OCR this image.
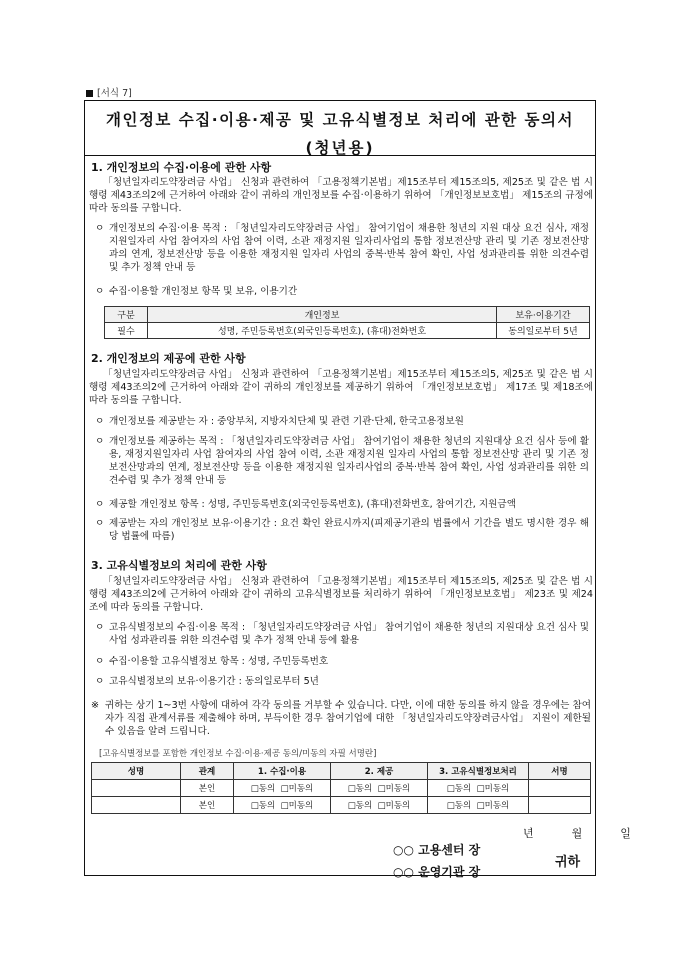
[서식 7]
개인정보 수집·이용·제공 및 고유식별정보 처리에 관한 동의서
(청년용)
1. 개인정보의 수집·이용에 관한 사항
「청년일자리도약장려금 사업」 신청과 관련하여 「고용정책기본법」제15조부터 제15조의5, 제25조 및 같은 법 시행령 제43조의2에 근거하여 아래와 같이 귀하의 개인정보를 수집·이용하기 위하여 「개인정보보호법」 제15조의 규정에 따라 동의를 구합니다.
ㅇ 개인정보의 수집·이용 목적 : 「청년일자리도약장려금 사업」 참여기업이 채용한 청년의 지원 대상 요건 심사, 재정지원일자리 사업 참여자의 사업 참여 이력, 소관 재정지원 일자리사업의 통합 정보전산망 관리 및 기존 정보전산망과의 연계, 정보전산망 등을 이용한 재정지원 일자리 사업의 중복·반복 참여 확인, 사업 성과관리를 위한 의견수렴 및 추가 정책 안내 등
ㅇ 수집·이용할 개인정보 항목 및 보유, 이용기간
구분	개인정보	보유·이용기간
필수	성명, 주민등록번호(외국인등록번호), (휴대)전화번호	동의일로부터 5년
2. 개인정보의 제공에 관한 사항
「청년일자리도약장려금 사업」 신청과 관련하여 「고용정책기본법」제15조부터 제15조의5, 제25조 및 같은 법 시행령 제43조의2에 근거하여 아래와 같이 귀하의 개인정보를 제공하기 위하여 「개인정보보호법」 제17조 및 제18조에 따라 동의를 구합니다.
ㅇ 개인정보를 제공받는 자 : 중앙부처, 지방자치단체 및 관련 기관·단체, 한국고용정보원
ㅇ 개인정보를 제공하는 목적 : 「청년일자리도약장려금 사업」 참여기업이 채용한 청년의 지원대상 요건 심사 등에 활용, 재정지원일자리 사업 참여자의 사업 참여 이력, 소관 재정지원 일자리 사업의 통합 정보전산망 관리 및 기존 정보전산망과의 연계, 정보전산망 등을 이용한 재정지원 일자리사업의 중복·반복 참여 확인, 사업 성과관리를 위한 의견수렴 및 추가 정책 안내 등
ㅇ 제공할 개인정보 항목 : 성명, 주민등록번호(외국인등록번호), (휴대)전화번호, 참여기간, 지원금액
ㅇ 제공받는 자의 개인정보 보유·이용기간 : 요건 확인 완료시까지(피제공기관의 법률에서 기간을 별도 명시한 경우 해당 법률에 따름)
3. 고유식별정보의 처리에 관한 사항
「청년일자리도약장려금 사업」 신청과 관련하여 「고용정책기본법」제15조부터 제15조의5, 제25조 및 같은 법 시행령 제43조의2에 근거하여 아래와 같이 귀하의 고유식별정보를 처리하기 위하여 「개인정보보호법」 제23조 및 제24조에 따라 동의를 구합니다.
ㅇ 고유식별정보의 수집·이용 목적 : 「청년일자리도약장려금 사업」 참여기업이 채용한 청년의 지원대상 요건 심사 및 사업 성과관리를 위한 의견수렴 및 추가 정책 안내 등에 활용
ㅇ 수집·이용할 고유식별정보 항목 : 성명, 주민등록번호
ㅇ 고유식별정보의 보유·이용기간 : 동의일로부터 5년
※ 귀하는 상기 1~3번 사항에 대하여 각각 동의를 거부할 수 있습니다. 다만, 이에 대한 동의를 하지 않을 경우에는 참여자가 직접 관계서류를 제출해야 하며, 부득이한 경우 참여기업에 대한 「청년일자리도약장려금사업」 지원이 제한될 수 있음을 알려 드립니다.
[고유식별정보를 포함한 개인정보 수집·이용·제공 동의/미동의 자필 서명란]
성명	관계	1. 수집·이용	2. 제공	3. 고유식별정보처리	서명
	본인	□동의 □미동의	□동의 □미동의	□동의 □미동의	
	본인	□동의 □미동의	□동의 □미동의	□동의 □미동의	
년	월	일
○○ 고용센터 장
○○ 운영기관 장
귀하
